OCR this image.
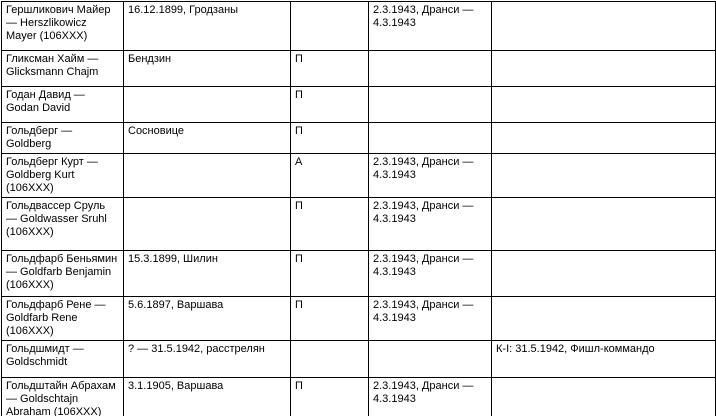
Гершликович Майер — Herszlikowicz Mayer (106XXX)	16.12.1899, Гродзаны		2.3.1943, Дранси — 4.3.1943	
Гликсман Хайм — Glicksmann Chajm	Бендзин	П		
Годан Давид — Godan David		П		
Гольдберг — Goldberg	Сосновице	П		
Гольдберг Курт — Goldberg Kurt (106XXX)		А	2.3.1943, Дранси — 4.3.1943	
Гольдвассер Сруль — Goldwasser Sruhl (106XXX)		П	2.3.1943, Дранси — 4.3.1943	
Гольдфарб Беньямин — Goldfarb Benjamin (106XXX)	15.3.1899, Шилин	П	2.3.1943, Дранси — 4.3.1943	
Гольдфарб Рене — Goldfarb Rene (106XXX)	5.6.1897, Варшава	П	2.3.1943, Дранси — 4.3.1943	
Гольдшмидт — Goldschmidt	? — 31.5.1942, расстрелян			К-I: 31.5.1942, Фишл-коммандо
Гольдштайн Абрахам — Goldschtajn Abraham (106XXX)	3.1.1905, Варшава	П	2.3.1943, Дранси — 4.3.1943	
